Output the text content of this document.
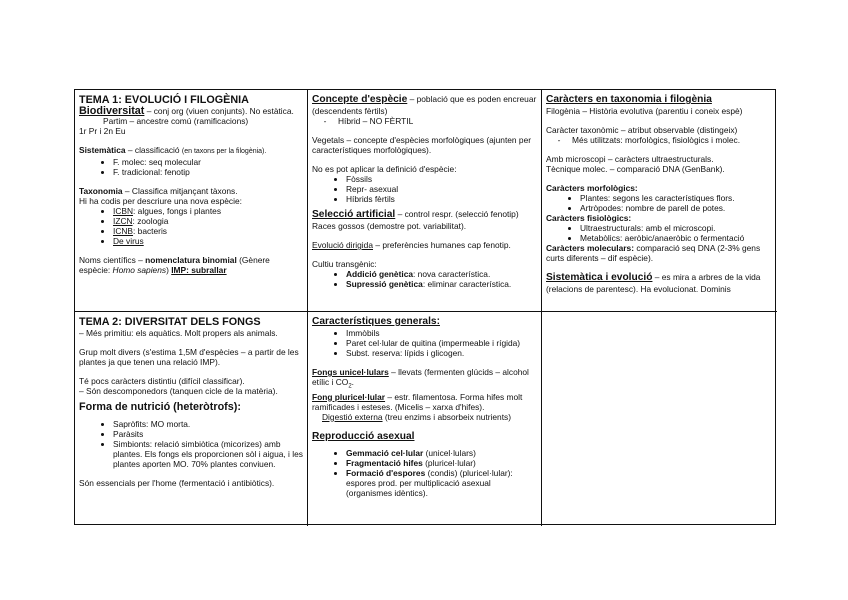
TEMA 1: EVOLUCIÓ I FILOGÈNIA

Biodiversitat – conj org (viuen conjunts). No estàtica.

Partim – ancestre comú (ramificacions)

1r Pr i 2n Eu

Sistemàtica – classificació (en taxons per la filogènia).

• F. molec: seq molecular
• F. tradicional: fenotip

Taxonomia – Classifica mitjançant tàxons.

Hi ha codis per descriure una nova espècie:

• ICBN: algues, fongs i plantes
• IZCN: zoologia
• ICNB: bacteris
• De virus

Noms científics – nomenclatura binomial (Gènere espècie: Homo sapiens) IMP: subrallar

Concepte d'espècie – població que es poden encreuar (descendents fèrtils)

-	Híbrid – NO FÈRTIL

Vegetals – concepte d'espècies morfològiques (ajunten per característiques morfològiques).

No es pot aplicar la definició d'espècie:

• Fòssils
• Repr- asexual
• Híbrids fèrtils

Selecció artificial – control respr. (selecció fenotip)

Races gossos (demostre pot. variabilitat).

Evolució dirigida – preferències humanes cap fenotip.

Cultiu transgènic:

• Addició genètica: nova característica.
• Supressió genètica: eliminar característica.

Caràcters en taxonomia i filogènia

Filogènia – Història evolutiva (parentiu i coneix espè)

Caràcter taxonòmic – atribut observable (distingeix)

-	Més utilitzats: morfològics, fisiològics i molec.

Amb microscopi – caràcters ultraestructurals.

Tècnique molec. – comparació DNA (GenBank).

Caràcters morfològics:

• Plantes: segons les característiques flors.
• Artròpodes: nombre de parell de potes.

Caràcters fisiològics:

• Ultraestructurals: amb el microscopi.
• Metabòlics: aeròbic/anaeròbic o fermentació

Caràcters moleculars: comparació seq DNA (2-3% gens curts diferents – dif espècie).

Sistemàtica i evolució – es mira a arbres de la vida (relacions de parentesc). Ha evolucionat. Dominis

TEMA 2: DIVERSITAT DELS FONGS

– Més primitiu: els aquàtics. Molt propers als animals.

Grup molt divers (s'estima 1,5M d'espècies – a partir de les plantes ja que tenen una relació IMP).

Té pocs caràcters distintiu (difícil classificar).

– Són descomponedors (tanquen cicle de la matèria).

Forma de nutrició (heteròtrofs):

• Sapròfits: MO morta.
• Paràsits
• Simbionts: relació simbiòtica (micorizes) amb plantes. Els fongs els proporcionen sòl i aigua, i les plantes aporten MO. 70% plantes conviuen.

Són essencials per l'home (fermentació i antibiòtics).

Característiques generals:

• Immòbils
• Paret cel·lular de quitina (impermeable i rígida)
• Subst. reserva: lípids i glicogen.

Fongs unicel·lulars – llevats (fermenten glúcids – alcohol etílic i $CO_2$.

Fong pluricel·lular – estr. filamentosa. Forma hifes molt ramificades i esteses. (Micelis – xarxa d'hifes).

Digestió externa (treu enzims i absorbeix nutrients)

Reproducció asexual

• Gemmació cel·lular (unicel·lulars)
• Fragmentació hifes (pluricel·lular)
• Formació d'espores (condis) (pluricel·lular): espores prod. per multiplicació asexual (organismes idèntics).
